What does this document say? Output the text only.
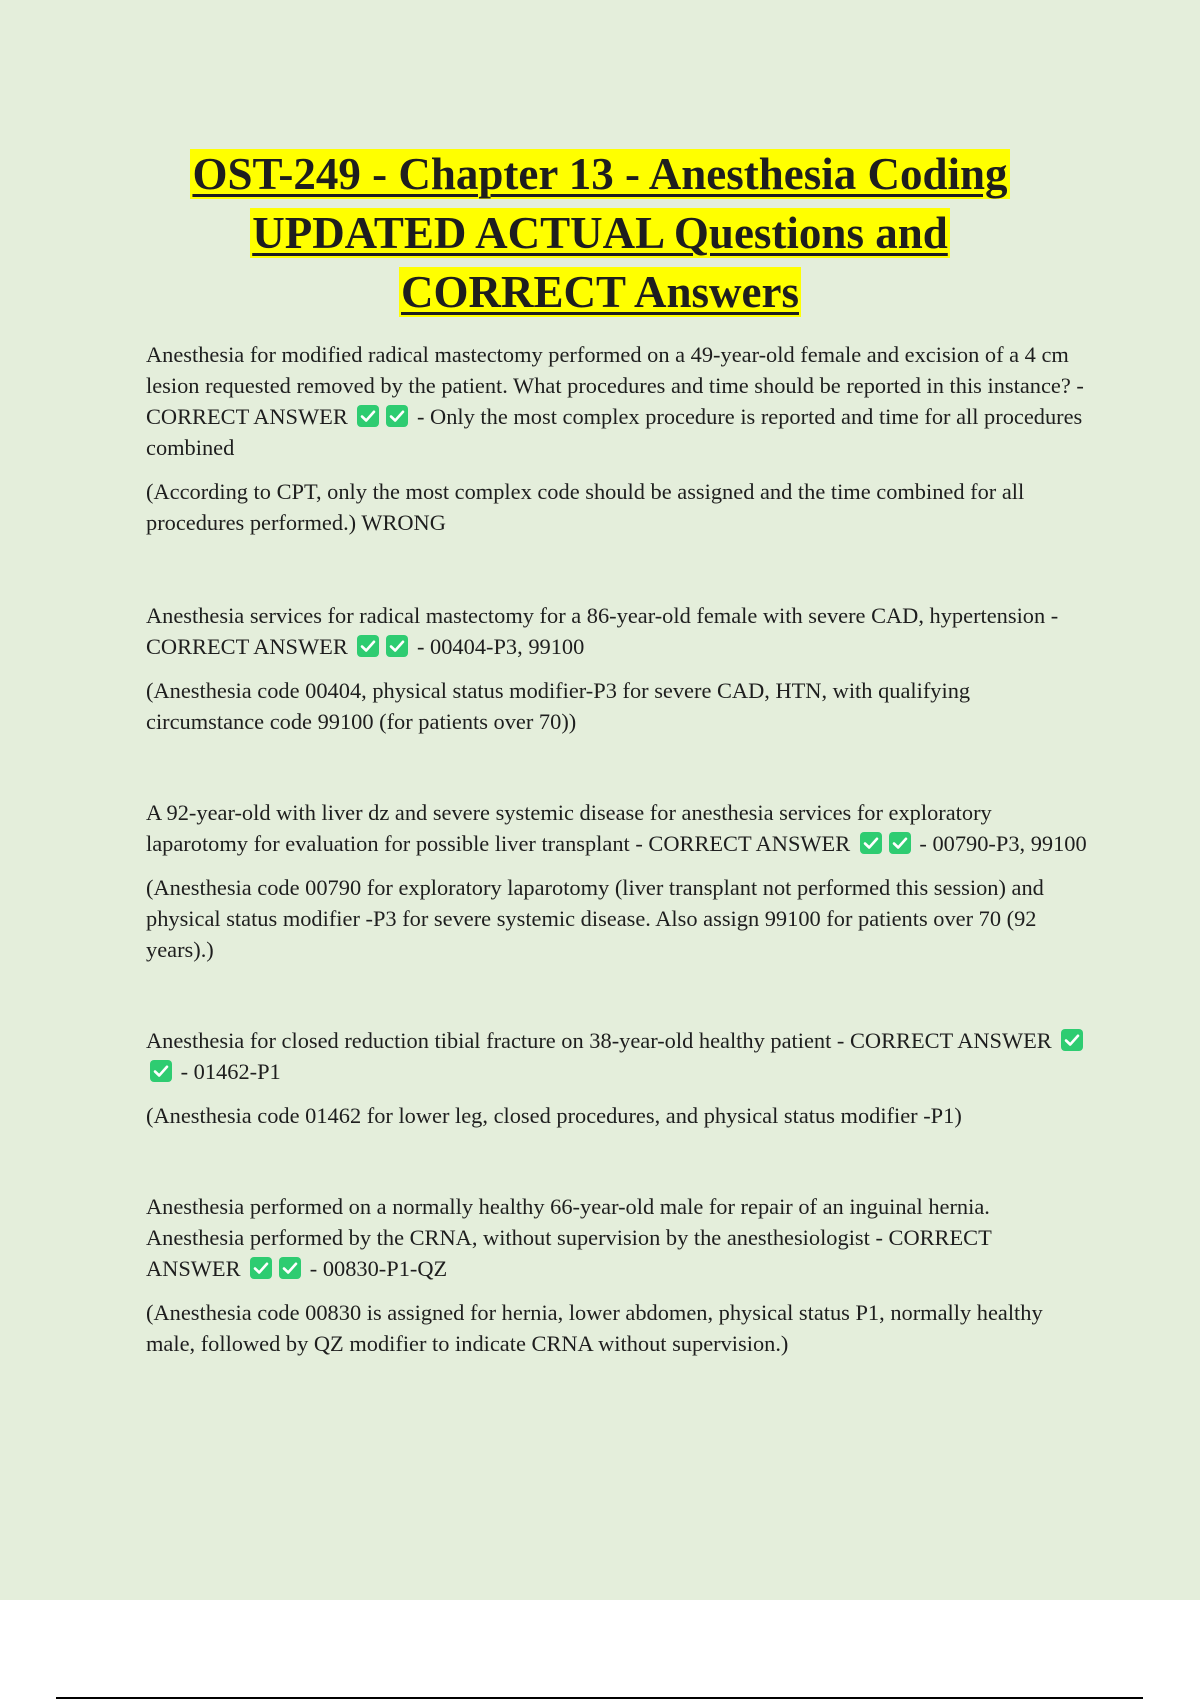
OST-249 - Chapter 13 - Anesthesia Coding
UPDATED ACTUAL Questions and
CORRECT Answers

Anesthesia for modified radical mastectomy performed on a 49-year-old female and excision of a 4 cm lesion requested removed by the patient. What procedures and time should be reported in this instance? - CORRECT ANSWER	- Only the most complex procedure is reported and time for all procedures combined

(According to CPT, only the most complex code should be assigned and the time combined for all procedures performed.) WRONG

Anesthesia services for radical mastectomy for a 86-year-old female with severe CAD, hypertension - CORRECT ANSWER	- 00404-P3, 99100

(Anesthesia code 00404, physical status modifier-P3 for severe CAD, HTN, with qualifying circumstance code 99100 (for patients over 70))

A 92-year-old with liver dz and severe systemic disease for anesthesia services for exploratory laparotomy for evaluation for possible liver transplant - CORRECT ANSWER	- 00790-P3, 99100

(Anesthesia code 00790 for exploratory laparotomy (liver transplant not performed this session) and physical status modifier -P3 for severe systemic disease. Also assign 99100 for patients over 70 (92 years).)

Anesthesia for closed reduction tibial fracture on 38-year-old healthy patient - CORRECT ANSWER
- 01462-P1

(Anesthesia code 01462 for lower leg, closed procedures, and physical status modifier -P1)

Anesthesia performed on a normally healthy 66-year-old male for repair of an inguinal hernia. Anesthesia performed by the CRNA, without supervision by the anesthesiologist - CORRECT ANSWER	- 00830-P1-QZ

(Anesthesia code 00830 is assigned for hernia, lower abdomen, physical status P1, normally healthy male, followed by QZ modifier to indicate CRNA without supervision.)
